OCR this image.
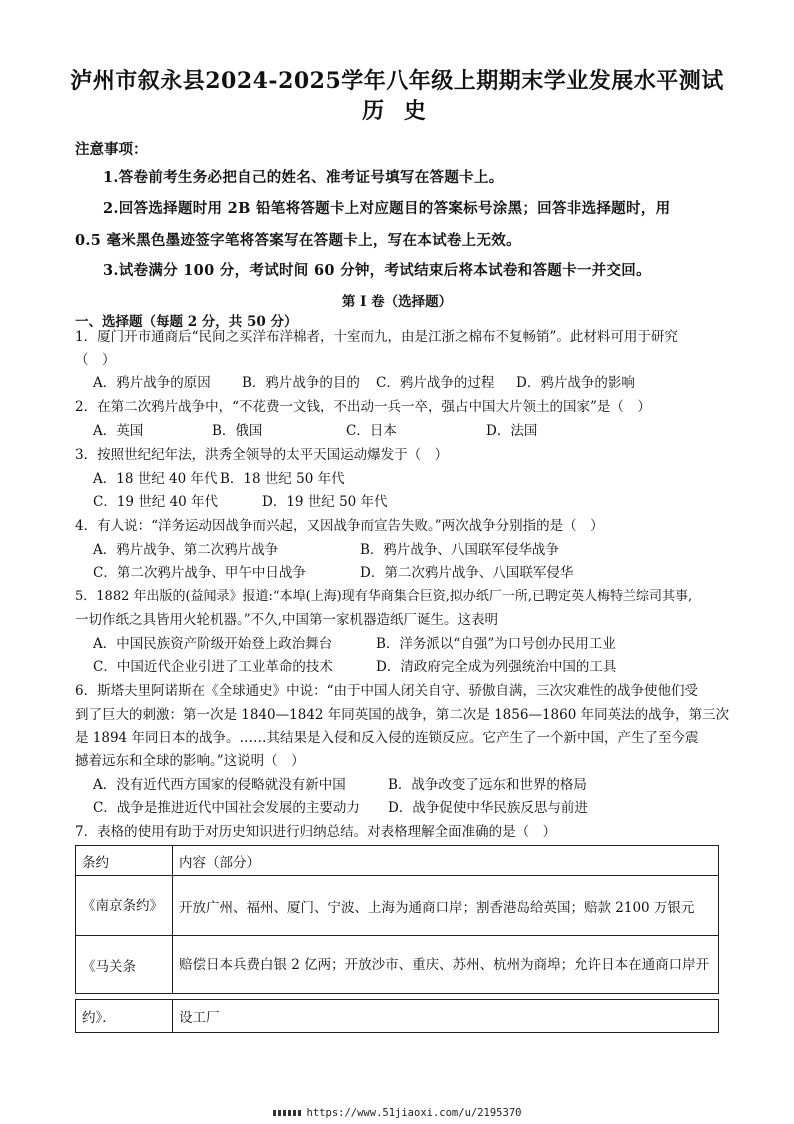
泸州市叙永县2024-2025学年八年级上期期末学业发展水平测试
历 史
注意事项：
1.答卷前考生务必把自己的姓名、准考证号填写在答题卡上。
2.回答选择题时用 2B 铅笔将答题卡上对应题目的答案标号涂黑；回答非选择题时，用
0.5 毫米黑色墨迹签字笔将答案写在答题卡上，写在本试卷上无效。
3.试卷满分 100 分，考试时间 60 分钟，考试结束后将本试卷和答题卡一并交回。
第 I 卷（选择题）
一、选择题（每题 2 分，共 50 分）
1．厦门开市通商后“民间之买洋布洋棉者，十室而九，由是江浙之棉布不复畅销”。此材料可用于研究
（　）
A．鸦片战争的原因 B．鸦片战争的目的 C．鸦片战争的过程 D．鸦片战争的影响
2．在第二次鸦片战争中，“不花费一文钱，不出动一兵一卒，强占中国大片领土的国家”是（　）
A．英国	B．俄国	C．日本	D．法国
3．按照世纪纪年法，洪秀全领导的太平天国运动爆发于（　）
A．18 世纪 40 年代 B．18 世纪 50 年代
C．19 世纪 40 年代	D．19 世纪 50 年代
4．有人说：“洋务运动因战争而兴起，又因战争而宣告失败。”两次战争分别指的是（　）
A．鸦片战争、第二次鸦片战争	B．鸦片战争、八国联军侵华战争
C．第二次鸦片战争、甲午中日战争	D．第二次鸦片战争、八国联军侵华
5．1882 年出版的(益闻录》报道:“本埠(上海)现有华商集合巨资,拟办纸厂一所,已聘定英人梅特兰综司其事,
一切作纸之具皆用火轮机器。”不久,中国第一家机器造纸厂诞生。这表明
A．中国民族资产阶级开始登上政治舞台	B．洋务派以“自强”为口号创办民用工业
C．中国近代企业引进了工业革命的技术	D．清政府完全成为列强统治中国的工具
6．斯塔夫里阿诺斯在《全球通史》中说：“由于中国人闭关自守、骄傲自满，三次灾难性的战争使他们受
到了巨大的刺激：第一次是 1840—1842 年同英国的战争，第二次是 1856—1860 年同英法的战争，第三次
是 1894 年同日本的战争。……其结果是入侵和反入侵的连锁反应。它产生了一个新中国，产生了至今震
撼着远东和全球的影响。”这说明（　）
A．没有近代西方国家的侵略就没有新中国	B．战争改变了远东和世界的格局
C．战争是推进近代中国社会发展的主要动力 D．战争促使中华民族反思与前进
7．表格的使用有助于对历史知识进行归纳总结。对表格理解全面准确的是（　）
条约	内容（部分）
《南京条约》	开放广州、福州、厦门、宁波、上海为通商口岸；割香港岛给英国；赔款 2100 万银元
《马关条	赔偿日本兵费白银 2 亿两；开放沙市、重庆、苏州、杭州为商埠；允许日本在通商口岸开
约》．	设工厂
https://www.51jiaoxi.com/u/2195370
